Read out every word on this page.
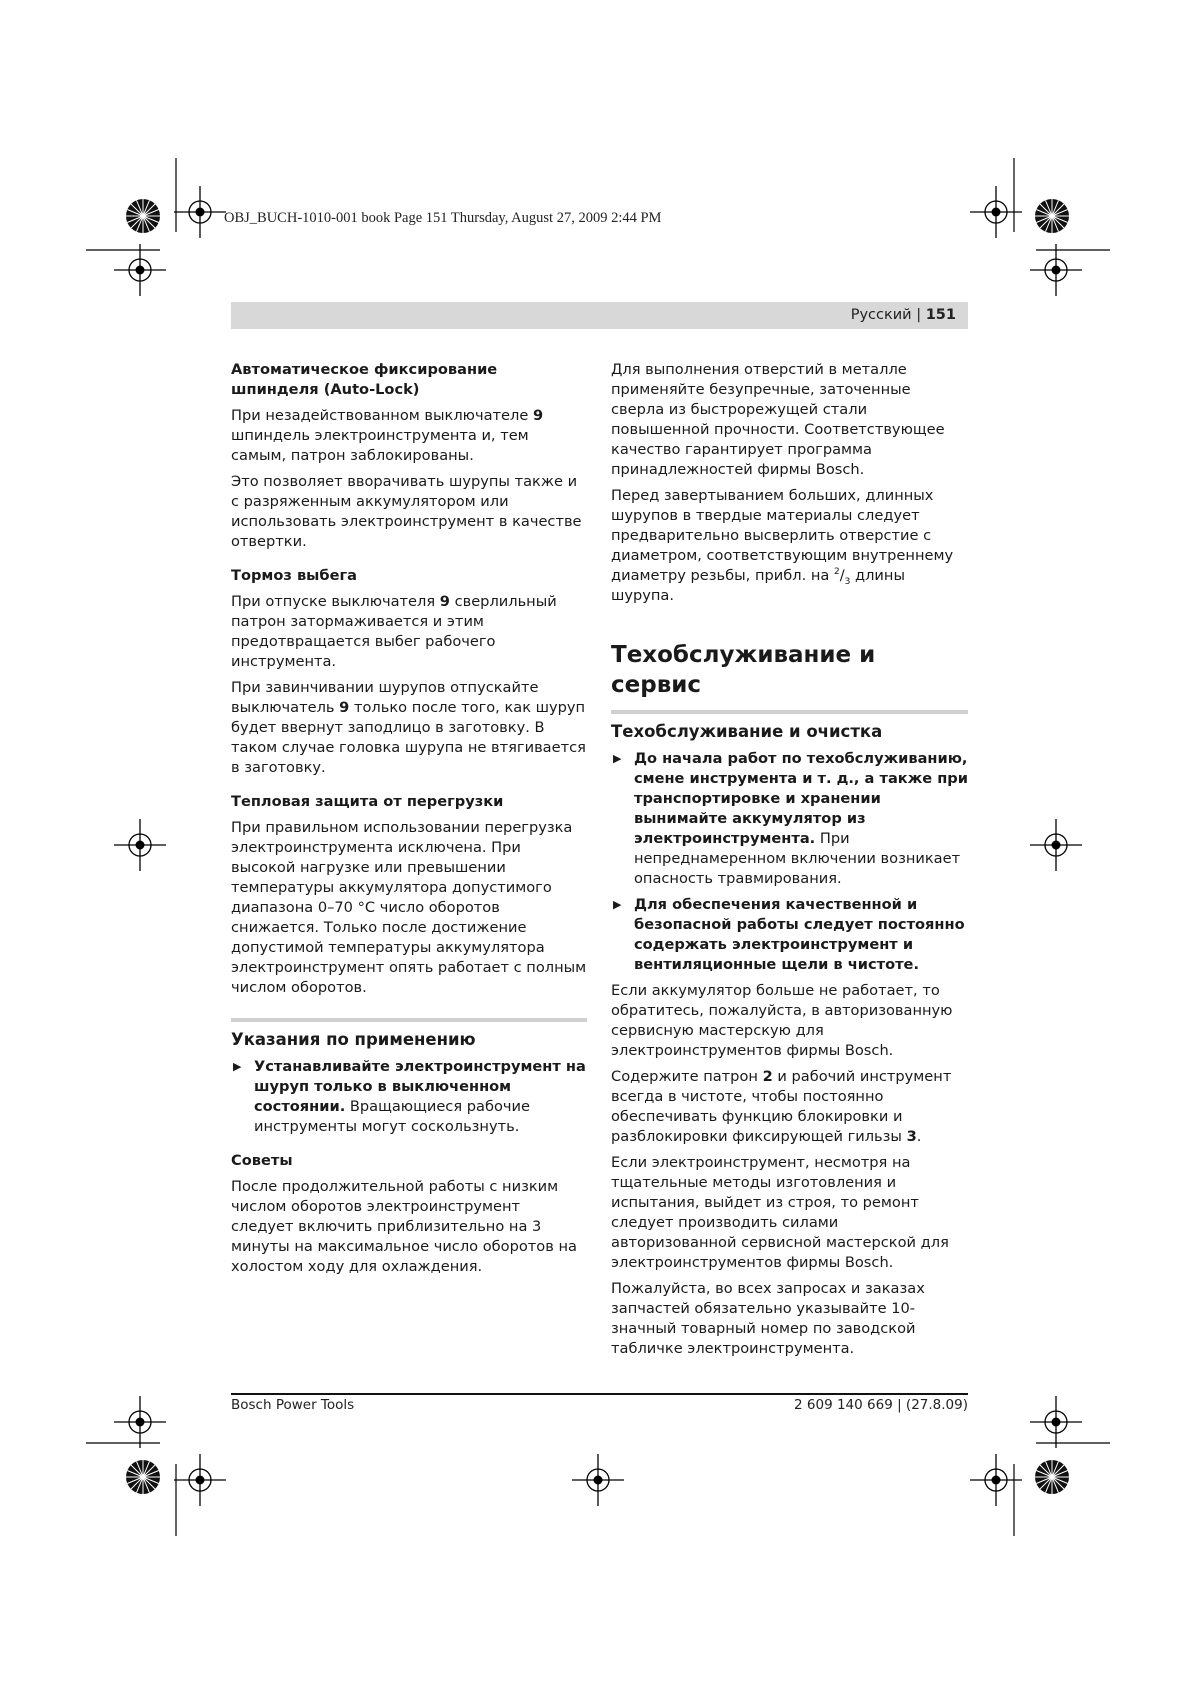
OBJ_BUCH-1010-001 book Page 151 Thursday, August 27, 2009 2:44 PM
Русский | 151
Автоматическое фиксирование шпинделя (Auto-Lock)

При незадействованном выключателе 9 шпиндель электроинструмента и, тем самым, патрон заблокированы.

Это позволяет вворачивать шурупы также и с разряженным аккумулятором или использовать электроинструмент в качестве отвертки.

Тормоз выбега

При отпуске выключателя 9 сверлильный патрон затормаживается и этим предотвращается выбег рабочего инструмента.

При завинчивании шурупов отпускайте выключатель 9 только после того, как шуруп будет ввернут заподлицо в заготовку. В таком случае головка шурупа не втягивается в заготовку.

Тепловая защита от перегрузки

При правильном использовании перегрузка электроинструмента исключена. При высокой нагрузке или превышении температуры аккумулятора допустимого диапазона 0–70 °C число оборотов снижается. Только после достижение допустимой температуры аккумулятора электроинструмент опять работает с полным числом оборотов.

Указания по применению
▶ Устанавливайте электроинструмент на шуруп только в выключенном состоянии. Вращающиеся рабочие инструменты могут соскользнуть.
Советы

После продолжительной работы с низким числом оборотов электроинструмент следует включить приблизительно на 3 минуты на максимальное число оборотов на холостом ходу для охлаждения.

Для выполнения отверстий в металле применяйте безупречные, заточенные сверла из быстрорежущей стали повышенной прочности. Соответствующее качество гарантирует программа принадлежностей фирмы Bosch.

Перед завертыванием больших, длинных шурупов в твердые материалы следует предварительно высверлить отверстие с диаметром, соответствующим внутреннему диаметру резьбы, прибл. на $^2/_3$ длины шурупа.

Техобслуживание и сервис
Техобслуживание и очистка
▶ До начала работ по техобслуживанию, смене инструмента и т. д., а также при транспортировке и хранении вынимайте аккумулятор из электроинструмента. При непреднамеренном включении возникает опасность травмирования.
▶ Для обеспечения качественной и безопасной работы следует постоянно содержать электроинструмент и вентиляционные щели в чистоте.

Если аккумулятор больше не работает, то обратитесь, пожалуйста, в авторизованную сервисную мастерскую для электроинструментов фирмы Bosch.

Содержите патрон 2 и рабочий инструмент всегда в чистоте, чтобы постоянно обеспечивать функцию блокировки и разблокировки фиксирующей гильзы 3.

Если электроинструмент, несмотря на тщательные методы изготовления и испытания, выйдет из строя, то ремонт следует производить силами авторизованной сервисной мастерской для электроинструментов фирмы Bosch.

Пожалуйста, во всех запросах и заказах запчастей обязательно указывайте 10-значный товарный номер по заводской табличке электроинструмента.

Bosch Power Tools	2 609 140 669 | (27.8.09)
